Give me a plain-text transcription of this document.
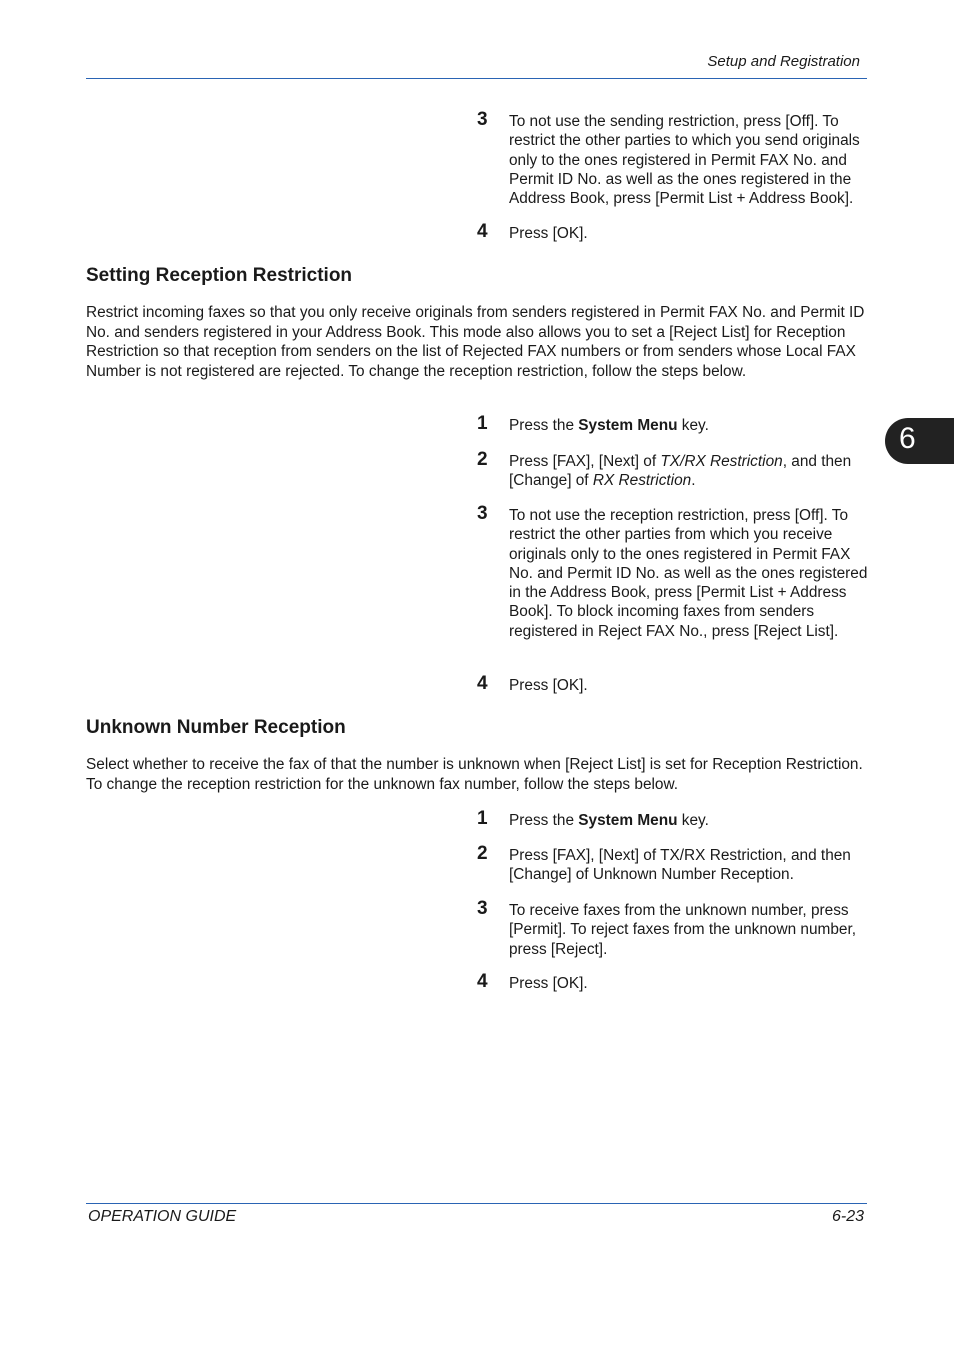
Setup and Registration
3 To not use the sending restriction, press [Off]. To restrict the other parties to which you send originals only to the ones registered in Permit FAX No. and Permit ID No. as well as the ones registered in the Address Book, press [Permit List + Address Book].
4 Press [OK].
Setting Reception Restriction
Restrict incoming faxes so that you only receive originals from senders registered in Permit FAX No. and Permit ID No. and senders registered in your Address Book. This mode also allows you to set a [Reject List] for Reception Restriction so that reception from senders on the list of Rejected FAX numbers or from senders whose Local FAX Number is not registered are rejected. To change the reception restriction, follow the steps below.
1 Press the System Menu key.
2 Press [FAX], [Next] of TX/RX Restriction, and then [Change] of RX Restriction.
3 To not use the reception restriction, press [Off]. To restrict the other parties from which you receive originals only to the ones registered in Permit FAX No. and Permit ID No. as well as the ones registered in the Address Book, press [Permit List + Address Book]. To block incoming faxes from senders registered in Reject FAX No., press [Reject List].
4 Press [OK].
Unknown Number Reception
Select whether to receive the fax of that the number is unknown when [Reject List] is set for Reception Restriction. To change the reception restriction for the unknown fax number, follow the steps below.
1 Press the System Menu key.
2 Press [FAX], [Next] of TX/RX Restriction, and then [Change] of Unknown Number Reception.
3 To receive faxes from the unknown number, press [Permit]. To reject faxes from the unknown number, press [Reject].
4 Press [OK].
6
OPERATION GUIDE	6-23
